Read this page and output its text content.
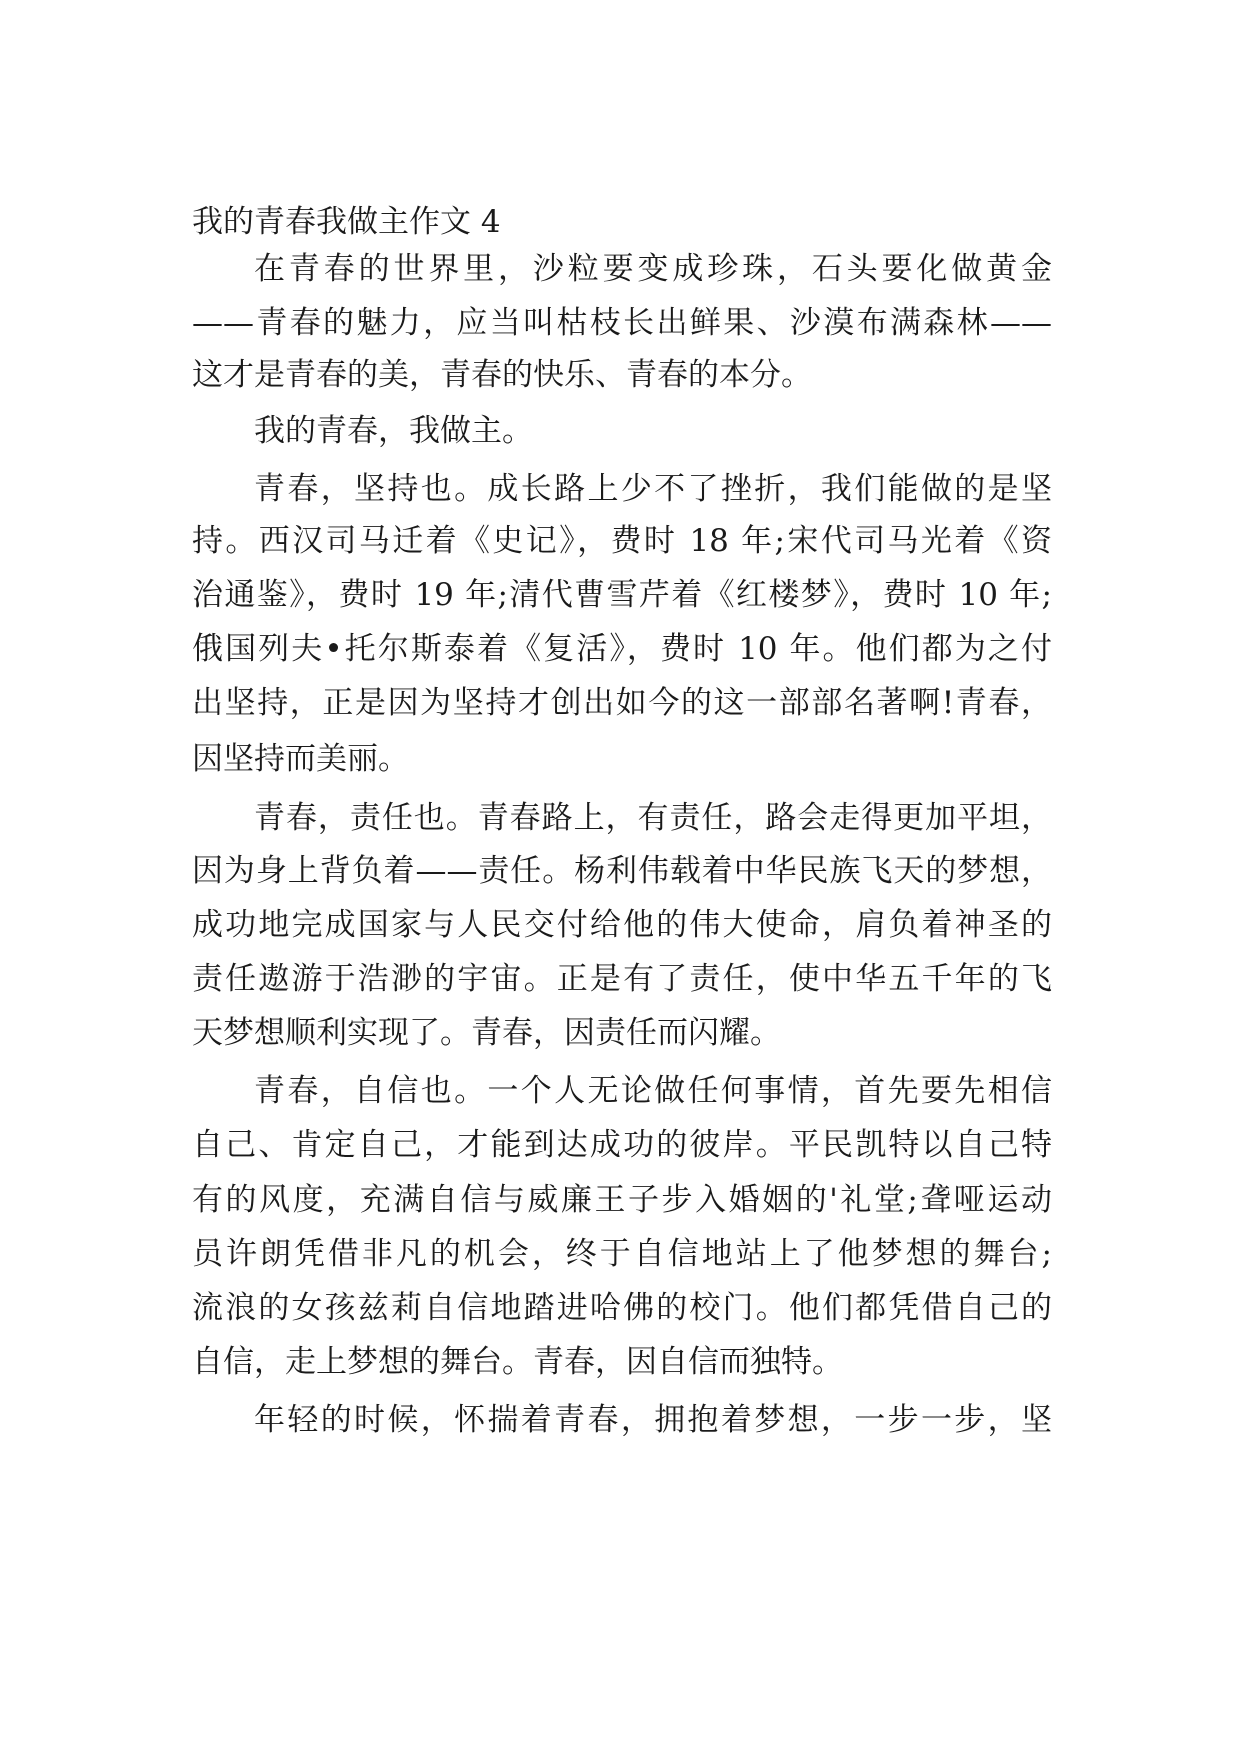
我的青春我做主作文 4
在青春的世界里，沙粒要变成珍珠，石头要化做黄金
——青春的魅力，应当叫枯枝长出鲜果、沙漠布满森林——
这才是青春的美，青春的快乐、青春的本分。
我的青春，我做主。
青春，坚持也。成长路上少不了挫折，我们能做的是坚
持。西汉司马迁着《史记》，费时 18 年;宋代司马光着《资
治通鉴》，费时 19 年;清代曹雪芹着《红楼梦》，费时 10 年;
俄国列夫•托尔斯泰着《复活》，费时 10 年。他们都为之付
出坚持，正是因为坚持才创出如今的这一部部名著啊!青春，
因坚持而美丽。
青春，责任也。青春路上，有责任，路会走得更加平坦，
因为身上背负着——责任。杨利伟载着中华民族飞天的梦想，
成功地完成国家与人民交付给他的伟大使命，肩负着神圣的
责任遨游于浩渺的宇宙。正是有了责任，使中华五千年的飞
天梦想顺利实现了。青春，因责任而闪耀。
青春，自信也。一个人无论做任何事情，首先要先相信
自己、肯定自己，才能到达成功的彼岸。平民凯特以自己特
有的风度，充满自信与威廉王子步入婚姻的'礼堂;聋哑运动
员许朗凭借非凡的机会，终于自信地站上了他梦想的舞台;
流浪的女孩兹莉自信地踏进哈佛的校门。他们都凭借自己的
自信，走上梦想的舞台。青春，因自信而独特。
年轻的时候，怀揣着青春，拥抱着梦想，一步一步，坚
